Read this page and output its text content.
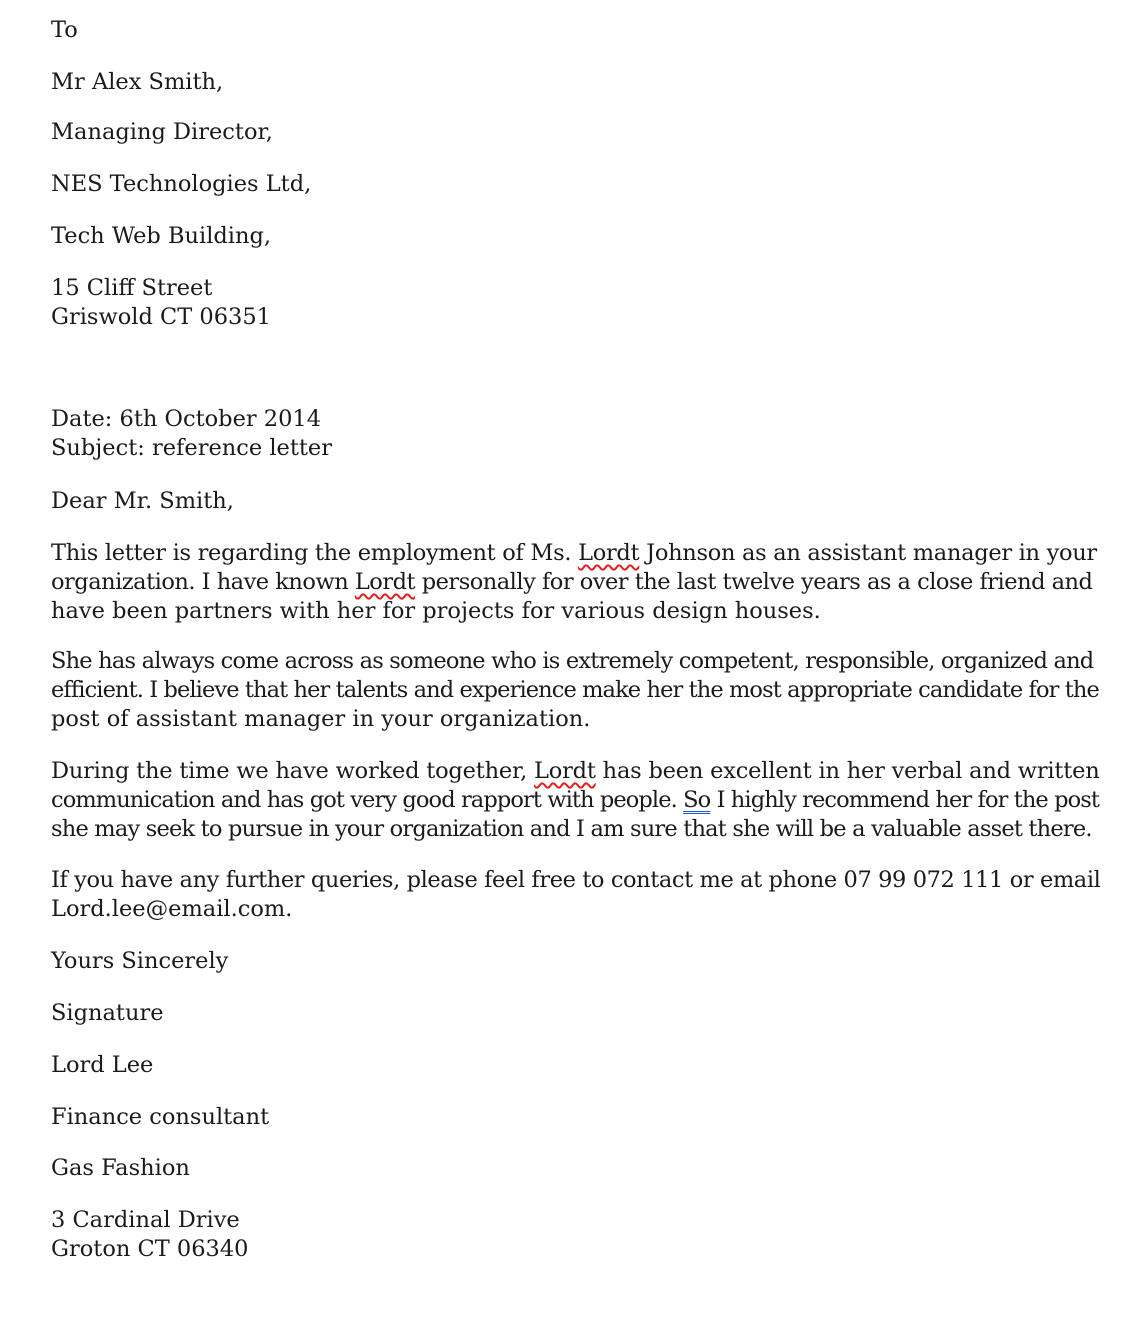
To
Mr Alex Smith,
Managing Director,
NES Technologies Ltd,
Tech Web Building,
15 Cliff Street
Griswold CT 06351
Date: 6th October 2014
Subject: reference letter
Dear Mr. Smith,
This letter is regarding the employment of Ms. Lordt Johnson as an assistant manager in your
organization. I have known Lordt personally for over the last twelve years as a close friend and
have been partners with her for projects for various design houses.
She has always come across as someone who is extremely competent, responsible, organized and
efficient. I believe that her talents and experience make her the most appropriate candidate for the
post of assistant manager in your organization.
During the time we have worked together, Lordt has been excellent in her verbal and written
communication and has got very good rapport with people. So I highly recommend her for the post
she may seek to pursue in your organization and I am sure that she will be a valuable asset there.
If you have any further queries, please feel free to contact me at phone 07 99 072 111 or email
Lord.lee@email.com.
Yours Sincerely
Signature
Lord Lee
Finance consultant
Gas Fashion
3 Cardinal Drive
Groton CT 06340
